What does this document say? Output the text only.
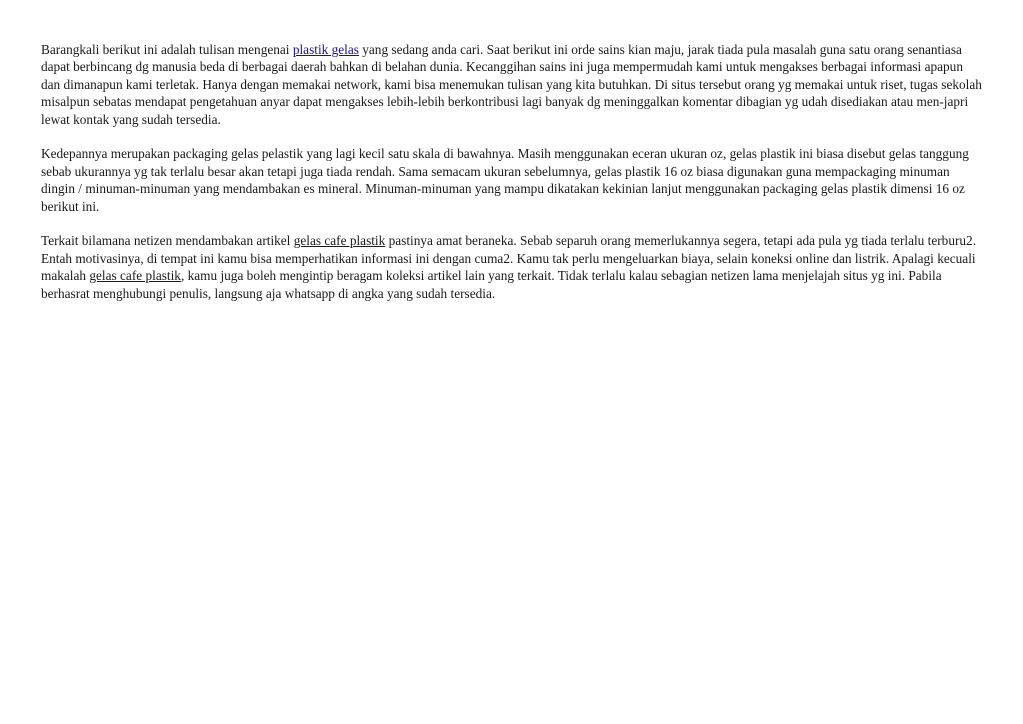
Barangkali berikut ini adalah tulisan mengenai plastik gelas yang sedang anda cari. Saat berikut ini orde sains kian maju, jarak tiada pula masalah guna satu orang senantiasa dapat berbincang dg manusia beda di berbagai daerah bahkan di belahan dunia. Kecanggihan sains ini juga mempermudah kami untuk mengakses berbagai informasi apapun dan dimanapun kami terletak. Hanya dengan memakai network, kami bisa menemukan tulisan yang kita butuhkan. Di situs tersebut orang yg memakai untuk riset, tugas sekolah misalpun sebatas mendapat pengetahuan anyar dapat mengakses lebih-lebih berkontribusi lagi banyak dg meninggalkan komentar dibagian yg udah disediakan atau men-japri lewat kontak yang sudah tersedia.

Kedepannya merupakan packaging gelas pelastik yang lagi kecil satu skala di bawahnya. Masih menggunakan eceran ukuran oz, gelas plastik ini biasa disebut gelas tanggung sebab ukurannya yg tak terlalu besar akan tetapi juga tiada rendah. Sama semacam ukuran sebelumnya, gelas plastik 16 oz biasa digunakan guna mempackaging minuman dingin / minuman-minuman yang mendambakan es mineral. Minuman-minuman yang mampu dikatakan kekinian lanjut menggunakan packaging gelas plastik dimensi 16 oz berikut ini.

Terkait bilamana netizen mendambakan artikel gelas cafe plastik pastinya amat beraneka. Sebab separuh orang memerlukannya segera, tetapi ada pula yg tiada terlalu terburu2. Entah motivasinya, di tempat ini kamu bisa memperhatikan informasi ini dengan cuma2. Kamu tak perlu mengeluarkan biaya, selain koneksi online dan listrik. Apalagi kecuali makalah gelas cafe plastik, kamu juga boleh mengintip beragam koleksi artikel lain yang terkait. Tidak terlalu kalau sebagian netizen lama menjelajah situs yg ini. Pabila berhasrat menghubungi penulis, langsung aja whatsapp di angka yang sudah tersedia.
